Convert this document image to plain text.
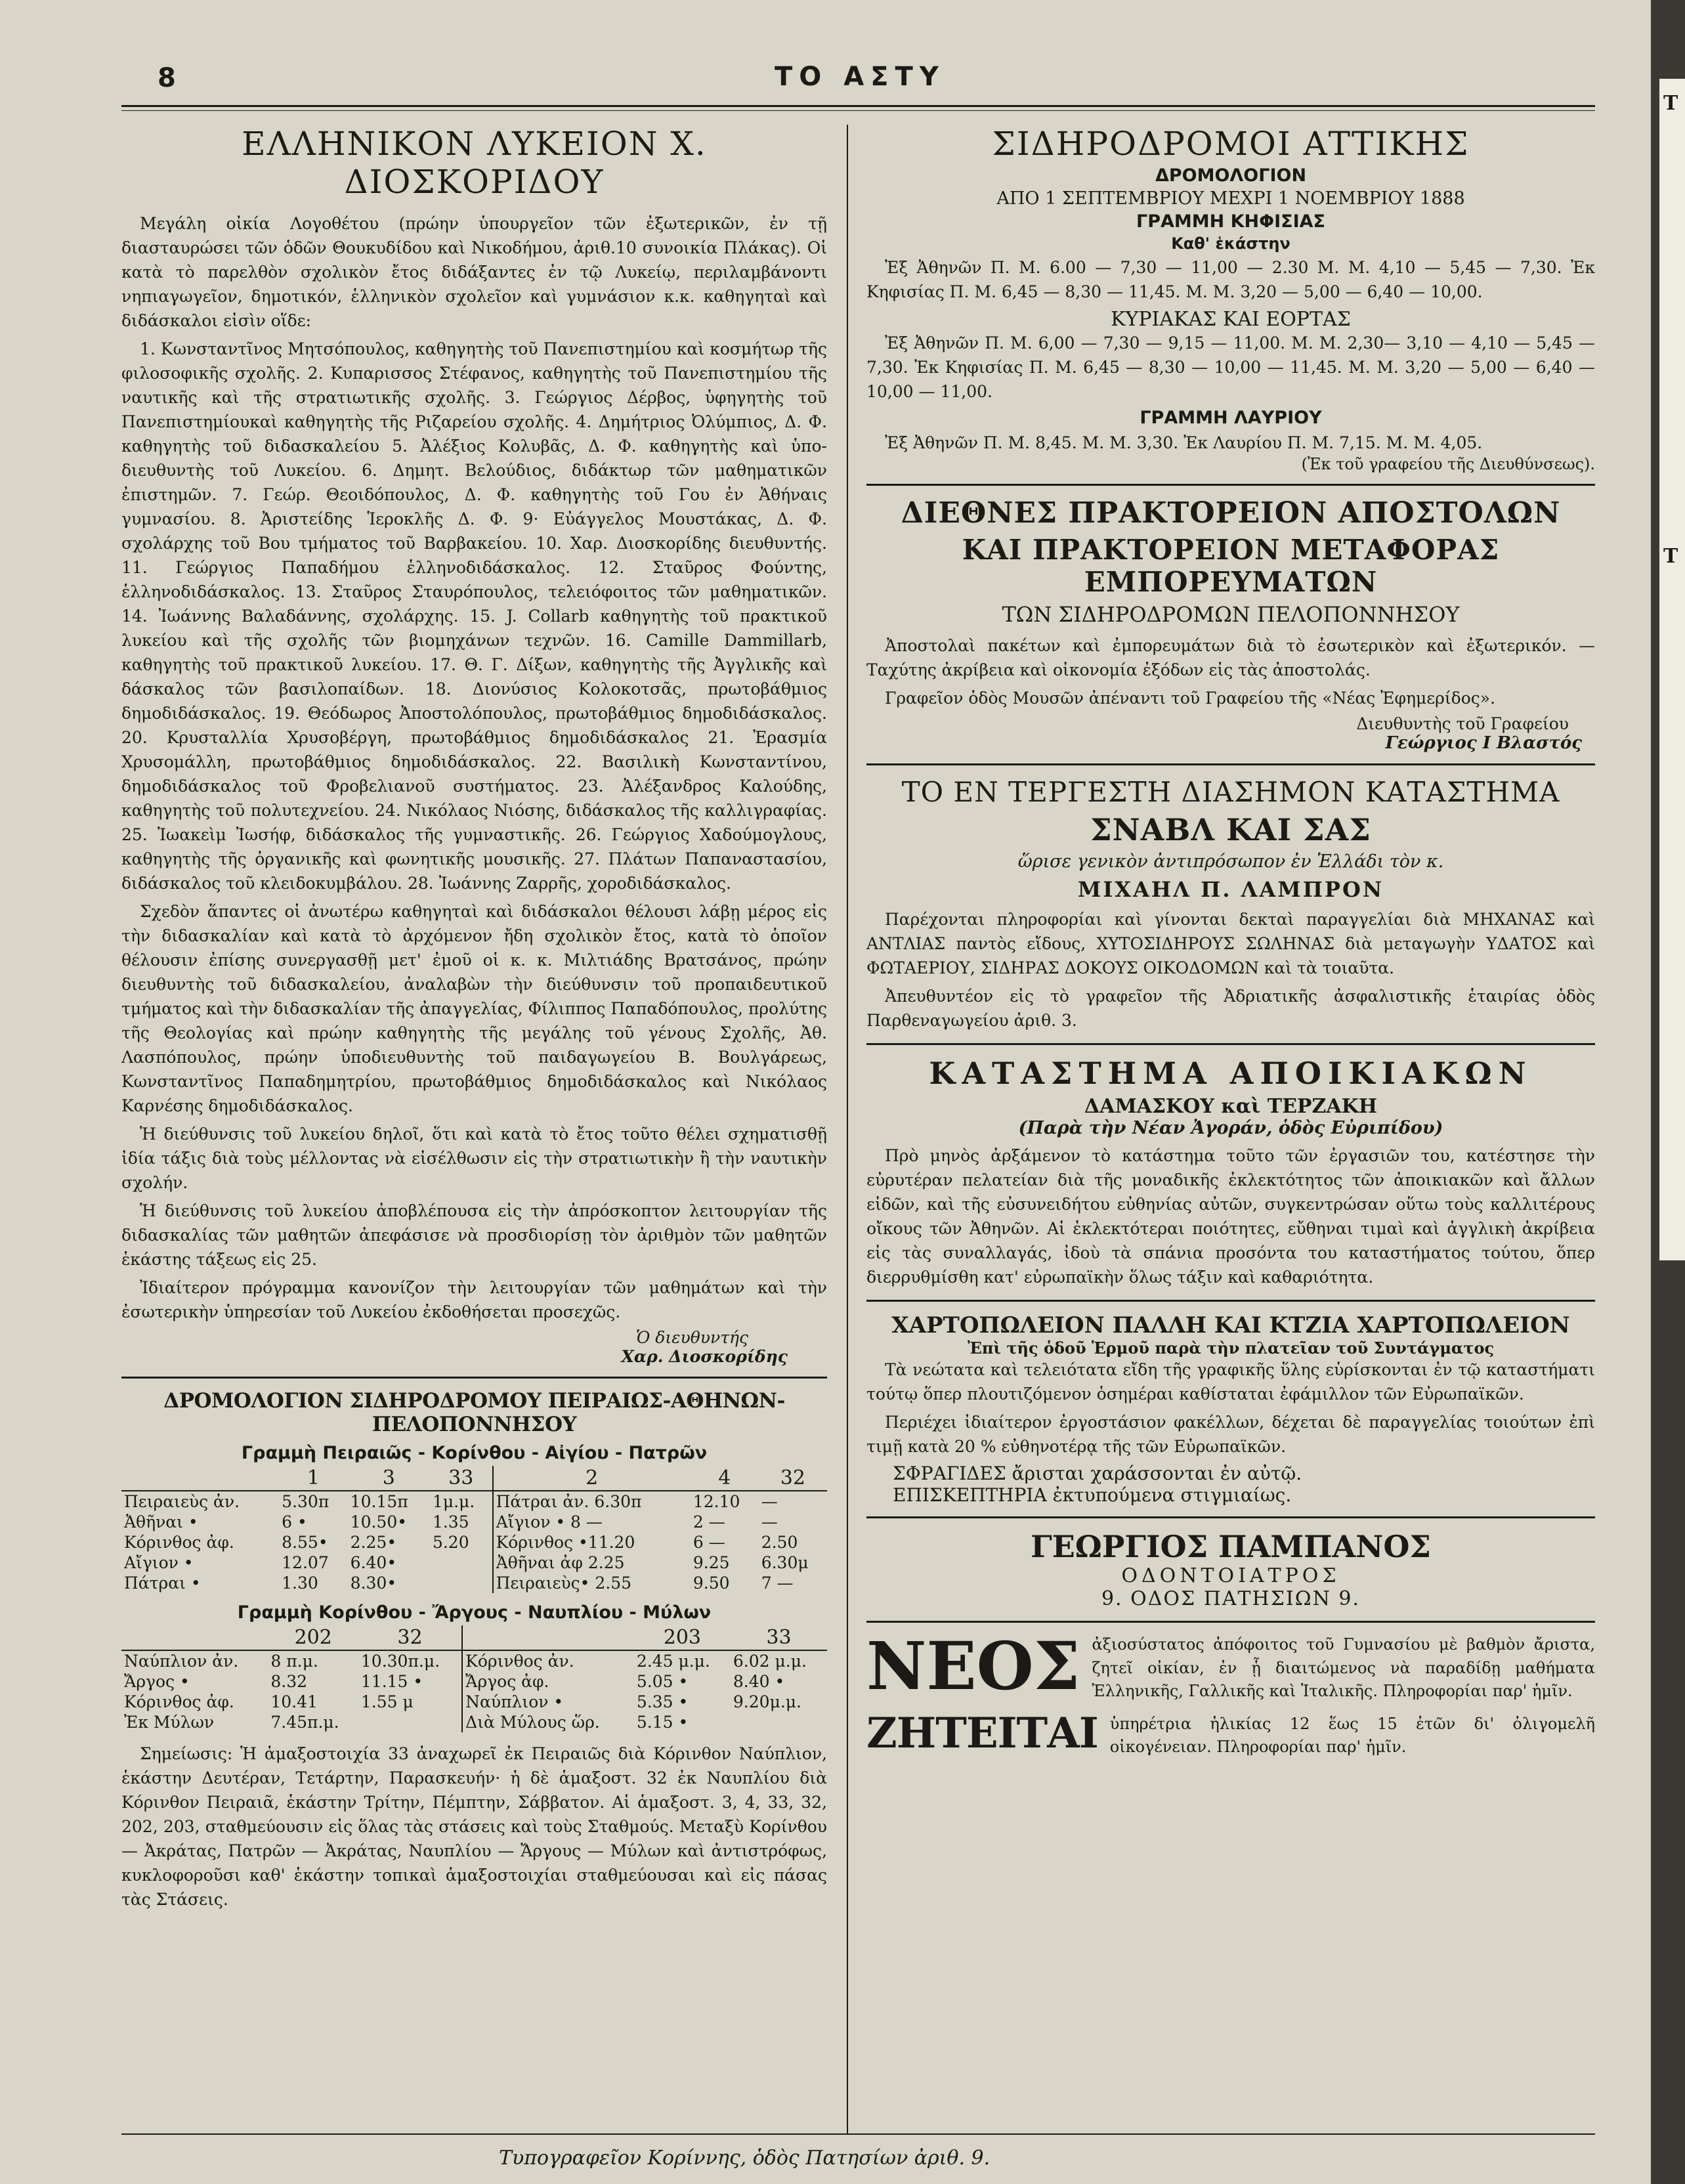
Τ
Τ
8	ΤΟ ΑΣΤΥ
ΕΛΛΗΝΙΚΟΝ ΛΥΚΕΙΟΝ Χ. ΔΙΟΣΚΟΡΙΔΟΥ

Μεγάλη οἰκία Λογοθέτου (πρώην ὑπουργεῖον τῶν ἐξωτερικῶν, ἐν τῇ διασταυρώσει τῶν ὁδῶν Θουκυδίδου καὶ Νικοδήμου, ἀριθ.10 συνοικία Πλάκας). Οἱ κατὰ τὸ παρελθὸν σχολικὸν ἔτος διδάξαντες ἐν τῷ Λυκείῳ, περιλαμβάνοντι νηπιαγωγεῖον, δημοτικόν, ἑλληνικὸν σχολεῖον καὶ γυμνάσιον κ.κ. καθηγηταὶ καὶ διδάσκαλοι εἰσὶν οἵδε:

1. Κωνσταντῖνος Μητσόπουλος, καθηγητὴς τοῦ Πανεπιστημίου καὶ κοσμήτωρ τῆς φιλοσοφικῆς σχολῆς. 2. Κυπαρισσος Στέφανος, καθηγητὴς τοῦ Πανεπιστημίου τῆς ναυτικῆς καὶ τῆς στρατιωτικῆς σχολῆς. 3. Γεώργιος Δέρβος, ὑφηγητὴς τοῦ Πανεπιστημίουκαὶ καθηγητὴς τῆς Ριζαρείου σχολῆς. 4. Δημήτριος Ὀλύμπιος, Δ. Φ. καθηγητὴς τοῦ διδασκαλείου 5. Ἀλέξιος Κολυβᾶς, Δ. Φ. καθηγητὴς καὶ ὑπο-διευθυντὴς τοῦ Λυκείου. 6. Δημητ. Βελούδιος, διδάκτωρ τῶν μαθηματικῶν ἐπιστημῶν. 7. Γεώρ. Θεοιδόπουλος, Δ. Φ. καθηγητὴς τοῦ Γου ἐν Ἀθήναις γυμνασίου. 8. Ἀριστείδης Ἱεροκλῆς Δ. Φ. 9· Εὐάγγελος Μουστάκας, Δ. Φ. σχολάρχης τοῦ Βου τμήματος τοῦ Βαρβακείου. 10. Χαρ. Διοσκορίδης διευθυντής. 11. Γεώργιος Παπαδήμου ἑλληνοδιδάσκαλος. 12. Σταῦρος Φούντης, ἑλληνοδιδάσκαλος. 13. Σταῦρος Σταυρόπουλος, τελειόφοιτος τῶν μαθηματικῶν. 14. Ἰωάννης Βαλαδάννης, σχολάρχης. 15. J. Collarb καθηγητὴς τοῦ πρακτικοῦ λυκείου καὶ τῆς σχολῆς τῶν βιομηχάνων τεχνῶν. 16. Camille Dammillarb, καθηγητὴς τοῦ πρακτικοῦ λυκείου. 17. Θ. Γ. Δίξων, καθηγητὴς τῆς Ἀγγλικῆς καὶ δάσκαλος τῶν βασιλοπαίδων. 18. Διονύσιος Κολοκοτσᾶς, πρωτοβάθμιος δημοδιδάσκαλος. 19. Θεόδωρος Ἀποστολόπουλος, πρωτοβάθμιος δημοδιδάσκαλος. 20. Κρυσταλλία Χρυσοβέργη, πρωτοβάθμιος δημοδιδάσκαλος 21. Ἐρασμία Χρυσομάλλη, πρωτοβάθμιος δημοδιδάσκαλος. 22. Βασιλικὴ Κωνσταντίνου, δημοδιδάσκαλος τοῦ Φροβελιανοῦ συστήματος. 23. Ἀλέξανδρος Καλούδης, καθηγητὴς τοῦ πολυτεχνείου. 24. Νικόλαος Νιόσης, διδάσκαλος τῆς καλλιγραφίας. 25. Ἰωακεὶμ Ἰωσήφ, διδάσκαλος τῆς γυμναστικῆς. 26. Γεώργιος Χαδούμογλους, καθηγητὴς τῆς ὀργανικῆς καὶ φωνητικῆς μουσικῆς. 27. Πλάτων Παπαναστασίου, διδάσκαλος τοῦ κλειδοκυμβάλου. 28. Ἰωάννης Ζαρρῆς, χοροδιδάσκαλος.

Σχεδὸν ἅπαντες οἱ ἀνωτέρω καθηγηταὶ καὶ διδάσκαλοι θέλουσι λάβῃ μέρος εἰς τὴν διδασκαλίαν καὶ κατὰ τὸ ἀρχόμενον ἤδη σχολικὸν ἔτος, κατὰ τὸ ὁποῖον θέλουσιν ἐπίσης συνεργασθῇ μετ' ἐμοῦ οἱ κ. κ. Μιλτιάδης Βρατσάνος, πρώην διευθυντὴς τοῦ διδασκαλείου, ἀναλαβὼν τὴν διεύθυνσιν τοῦ προπαιδευτικοῦ τμήματος καὶ τὴν διδασκαλίαν τῆς ἀπαγγελίας, Φίλιππος Παπαδόπουλος, προλύτης τῆς Θεολογίας καὶ πρώην καθηγητὴς τῆς μεγάλης τοῦ γένους Σχολῆς, Ἀθ. Λασπόπουλος, πρώην ὑποδιευθυντὴς τοῦ παιδαγωγείου Β. Βουλγάρεως, Κωνσταντῖνος Παπαδημητρίου, πρωτοβάθμιος δημοδιδάσκαλος καὶ Νικόλαος Καρνέσης δημοδιδάσκαλος.

Ἡ διεύθυνσις τοῦ λυκείου δηλοῖ, ὅτι καὶ κατὰ τὸ ἔτος τοῦτο θέλει σχηματισθῇ ἰδία τάξις διὰ τοὺς μέλλοντας νὰ εἰσέλθωσιν εἰς τὴν στρατιωτικὴν ἢ τὴν ναυτικὴν σχολήν.

Ἡ διεύθυνσις τοῦ λυκείου ἀποβλέπουσα εἰς τὴν ἀπρόσκοπτον λειτουργίαν τῆς διδασκαλίας τῶν μαθητῶν ἀπεφάσισε νὰ προσδιορίσῃ τὸν ἀριθμὸν τῶν μαθητῶν ἑκάστης τάξεως εἰς 25.

Ἰδιαίτερον πρόγραμμα κανονίζον τὴν λειτουργίαν τῶν μαθημάτων καὶ τὴν ἐσωτερικὴν ὑπηρεσίαν τοῦ Λυκείου ἐκδοθήσεται προσεχῶς.

Ὁ διευθυντής
Χαρ. Διοσκορίδης
ΔΡΟΜΟΛΟΓΙΟΝ ΣΙΔΗΡΟΔΡΟΜΟΥ ΠΕΙΡΑΙΩΣ-ΑΘΗΝΩΝ-ΠΕΛΟΠΟΝΝΗΣΟΥ
Γραμμὴ Πειραιῶς - Κορίνθου - Αἰγίου - Πατρῶν
	1	3	33	2	4	32
Πειραιεὺς ἀν.	5.30π	10.15π	1μ.μ.	Πάτραι ἀν. 6.30π	12.10	—
Ἀθῆναι •	6 •	10.50•	1.35	Αἴγιον • 8 —	2 —	—
Κόρινθος ἀφ.	8.55•	2.25•	5.20	Κόρινθος •11.20	6 —	2.50
Αἴγιον •	12.07	6.40•		Ἀθῆναι ἀφ 2.25	9.25	6.30μ
Πάτραι •	1.30	8.30•		Πειραιεὺς• 2.55	9.50	7 —
Γραμμὴ Κορίνθου - Ἄργους - Ναυπλίου - Μύλων
	202	32		203	33
Ναύπλιον ἀν.	8 π.μ.	10.30π.μ.	Κόρινθος ἀν.	2.45 μ.μ.	6.02 μ.μ.
Ἄργος •	8.32	11.15 •	Ἄργος ἀφ.	5.05 •	8.40 •
Κόρινθος ἀφ.	10.41	1.55 μ	Ναύπλιον •	5.35 •	9.20μ.μ.
Ἐκ Μύλων	7.45π.μ.		Διὰ Μύλους ὥρ.	5.15 •	

Σημείωσις: Ἡ ἁμαξοστοιχία 33 ἀναχωρεῖ ἐκ Πειραιῶς διὰ Κόρινθον Ναύπλιον, ἑκάστην Δευτέραν, Τετάρτην, Παρασκευήν· ἡ δὲ ἁμαξοστ. 32 ἐκ Ναυπλίου διὰ Κόρινθον Πειραιᾶ, ἑκάστην Τρίτην, Πέμπτην, Σάββατον. Αἱ ἁμαξοστ. 3, 4, 33, 32, 202, 203, σταθμεύουσιν εἰς ὅλας τὰς στάσεις καὶ τοὺς Σταθμούς. Μεταξὺ Κορίνθου — Ἀκράτας, Πατρῶν — Ἀκράτας, Ναυπλίου — Ἄργους — Μύλων καὶ ἀντιστρόφως, κυκλοφοροῦσι καθ' ἑκάστην τοπικαὶ ἁμαξοστοιχίαι σταθμεύουσαι καὶ εἰς πάσας τὰς Στάσεις.

ΣΙΔΗΡΟΔΡΟΜΟΙ ΑΤΤΙΚΗΣ
ΔΡΟΜΟΛΟΓΙΟΝ
ΑΠΟ 1 ΣΕΠΤΕΜΒΡΙΟΥ ΜΕΧΡΙ 1 ΝΟΕΜΒΡΙΟΥ 1888
ΓΡΑΜΜΗ ΚΗΦΙΣΙΑΣ
Καθ' ἑκάστην

Ἐξ Ἀθηνῶν Π. Μ. 6.00 — 7,30 — 11,00 — 2.30 Μ. Μ. 4,10 — 5,45 — 7,30. Ἐκ Κηφισίας Π. Μ. 6,45 — 8,30 — 11,45. Μ. Μ. 3,20 — 5,00 — 6,40 — 10,00.

ΚΥΡΙΑΚΑΣ ΚΑΙ ΕΟΡΤΑΣ

Ἐξ Ἀθηνῶν Π. Μ. 6,00 — 7,30 — 9,15 — 11,00. Μ. Μ. 2,30— 3,10 — 4,10 — 5,45 — 7,30. Ἐκ Κηφισίας Π. Μ. 6,45 — 8,30 — 10,00 — 11,45. Μ. Μ. 3,20 — 5,00 — 6,40 — 10,00 — 11,00.

ΓΡΑΜΜΗ ΛΑΥΡΙΟΥ

Ἐξ Ἀθηνῶν Π. Μ. 8,45. Μ. Μ. 3,30. Ἐκ Λαυρίου Π. Μ. 7,15. Μ. Μ. 4,05.

(Ἐκ τοῦ γραφείου τῆς Διευθύνσεως).
ΔΙΕΘΝΕΣ ΠΡΑΚΤΟΡΕΙΟΝ ΑΠΟΣΤΟΛΩΝ
ΚΑΙ ΠΡΑΚΤΟΡΕΙΟΝ ΜΕΤΑΦΟΡΑΣ ΕΜΠΟΡΕΥΜΑΤΩΝ
ΤΩΝ ΣΙΔΗΡΟΔΡΟΜΩΝ ΠΕΛΟΠΟΝΝΗΣΟΥ

Ἀποστολαὶ πακέτων καὶ ἐμπορευμάτων διὰ τὸ ἐσωτερικὸν καὶ ἐξωτερικόν. — Ταχύτης ἀκρίβεια καὶ οἰκονομία ἐξόδων εἰς τὰς ἀποστολάς.

Γραφεῖον ὁδὸς Μουσῶν ἀπέναντι τοῦ Γραφείου τῆς «Νέας Ἐφημερίδος».

Διευθυντὴς τοῦ Γραφείου
Γεώργιος Ι Βλαστός
ΤΟ ΕΝ ΤΕΡΓΕΣΤΗ ΔΙΑΣΗΜΟΝ ΚΑΤΑΣΤΗΜΑ
ΣΝΑΒΛ ΚΑΙ ΣΑΣ
ὥρισε γενικὸν ἀντιπρόσωπον ἐν Ἑλλάδι τὸν κ.
ΜΙΧΑΗΛ Π. ΛΑΜΠΡΟΝ

Παρέχονται πληροφορίαι καὶ γίνονται δεκταὶ παραγγελίαι διὰ ΜΗΧΑΝΑΣ καὶ ΑΝΤΛΙΑΣ παντὸς εἴδους, ΧΥΤΟΣΙΔΗΡΟΥΣ ΣΩΛΗΝΑΣ διὰ μεταγωγὴν ΥΔΑΤΟΣ καὶ ΦΩΤΑΕΡΙΟΥ, ΣΙΔΗΡΑΣ ΔΟΚΟΥΣ ΟΙΚΟΔΟΜΩΝ καὶ τὰ τοιαῦτα.

Ἀπευθυντέον εἰς τὸ γραφεῖον τῆς Ἀδριατικῆς ἀσφαλιστικῆς ἑταιρίας ὁδὸς Παρθεναγωγείου ἀριθ. 3.

ΚΑΤΑΣΤΗΜΑ ΑΠΟΙΚΙΑΚΩΝ
ΔΑΜΑΣΚΟΥ καὶ ΤΕΡΖΑΚΗ
(Παρὰ τὴν Νέαν Ἀγοράν, ὁδὸς Εὐριπίδου)

Πρὸ μηνὸς ἀρξάμενον τὸ κατάστημα τοῦτο τῶν ἐργασιῶν του, κατέστησε τὴν εὐρυτέραν πελατείαν διὰ τῆς μοναδικῆς ἐκλεκτότητος τῶν ἀποικιακῶν καὶ ἄλλων εἰδῶν, καὶ τῆς εὐσυνειδήτου εὐθηνίας αὐτῶν, συγκεντρώσαν οὕτω τοὺς καλλιτέρους οἴκους τῶν Ἀθηνῶν. Αἱ ἐκλεκτότεραι ποιότητες, εὔθηναι τιμαὶ καὶ ἀγγλικὴ ἀκρίβεια εἰς τὰς συναλλαγάς, ἰδοὺ τὰ σπάνια προσόντα του καταστήματος τούτου, ὅπερ διερρυθμίσθη κατ' εὐρωπαϊκὴν ὅλως τάξιν καὶ καθαριότητα.

ΧΑΡΤΟΠΩΛΕΙΟΝ ΠΑΛΛΗ ΚΑΙ ΚΤΖΙΑ ΧΑΡΤΟΠΩΛΕΙΟΝ
Ἐπὶ τῆς ὁδοῦ Ἑρμοῦ παρὰ τὴν πλατεῖαν τοῦ Συντάγματος

Τὰ νεώτατα καὶ τελειότατα εἴδη τῆς γραφικῆς ὕλης εὑρίσκονται ἐν τῷ καταστήματι τούτῳ ὅπερ πλουτιζόμενον ὁσημέραι καθίσταται ἐφάμιλλον τῶν Εὐρωπαϊκῶν.

Περιέχει ἰδιαίτερον ἐργοστάσιον φακέλλων, δέχεται δὲ παραγγελίας τοιούτων ἐπὶ τιμῇ κατὰ 20 % εὐθηνοτέρᾳ τῆς τῶν Εὐρωπαϊκῶν.

ΣΦΡΑΓΙΔΕΣ ἄρισται χαράσσονται ἐν αὐτῷ.
ΕΠΙΣΚΕΠΤΗΡΙΑ ἐκτυπούμενα στιγμιαίως.
ΓΕΩΡΓΙΟΣ ΠΑΜΠΑΝΟΣ
ΟΔΟΝΤΟΙΑΤΡΟΣ
9. ΟΔΟΣ ΠΑΤΗΣΙΩΝ 9.
ΝΕΟΣ ἀξιοσύστατος ἀπόφοιτος τοῦ Γυμνασίου μὲ βαθμὸν ἄριστα, ζητεῖ οἰκίαν, ἐν ᾗ διαιτώμενος νὰ παραδίδῃ μαθήματα Ἑλληνικῆς, Γαλλικῆς καὶ Ἰταλικῆς. Πληροφορίαι παρ' ἡμῖν.

ΖΗΤΕΙΤΑΙ ὑπηρέτρια ἡλικίας 12 ἕως 15 ἐτῶν δι' ὀλιγομελῆ οἰκογένειαν. Πληροφορίαι παρ' ἡμῖν.

Τυπογραφεῖον Κορίννης, ὁδὸς Πατησίων ἀριθ. 9.
